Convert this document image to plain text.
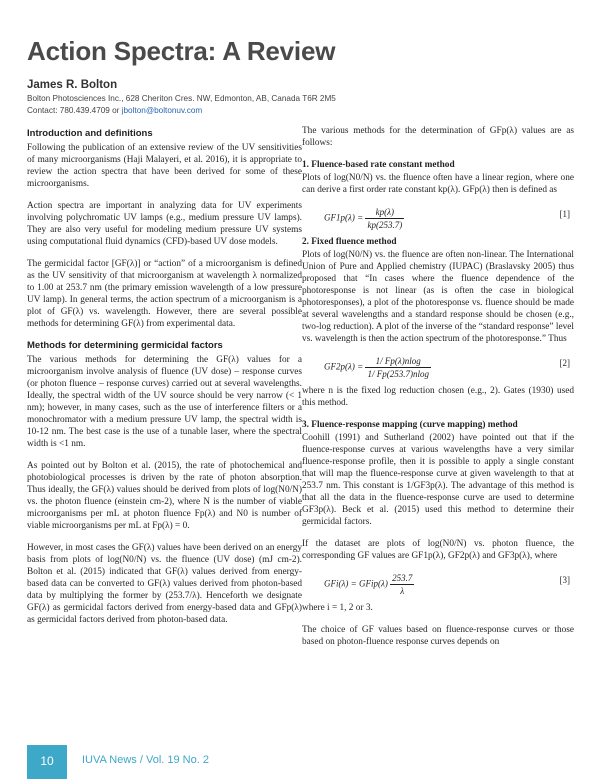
Action Spectra: A Review
James R. Bolton
Bolton Photosciences Inc., 628 Cheriton Cres. NW, Edmonton, AB, Canada T6R 2M5
Contact: 780.439.4709 or jbolton@boltonuv.com
Introduction and definitions

Following the publication of an extensive review of the UV sensitivities of many microorganisms (Haji Malayeri, et al. 2016), it is appropriate to review the action spectra that have been derived for some of these microorganisms.

Action spectra are important in analyzing data for UV experiments involving polychromatic UV lamps (e.g., medium pressure UV lamps). They are also very useful for modeling medium pressure UV systems using computational fluid dynamics (CFD)-based UV dose models.

The germicidal factor [GF(λ)] or “action” of a microorganism is defined as the UV sensitivity of that microorganism at wavelength λ normalized to 1.00 at 253.7 nm (the primary emission wavelength of a low pressure UV lamp). In general terms, the action spectrum of a microorganism is a plot of GF(λ) vs. wavelength. However, there are several possible methods for determining GF(λ) from experimental data.

Methods for determining germicidal factors

The various methods for determining the GF(λ) values for a microorganism involve analysis of fluence (UV dose) – response curves (or photon fluence – response curves) carried out at several wavelengths. Ideally, the spectral width of the UV source should be very narrow (< 1 nm); however, in many cases, such as the use of interference filters or a monochromator with a medium pressure UV lamp, the spectral width is 10-12 nm. The best case is the use of a tunable laser, where the spectral width is <1 nm.

As pointed out by Bolton et al. (2015), the rate of photochemical and photobiological processes is driven by the rate of photon absorption. Thus ideally, the GF(λ) values should be derived from plots of log(N0/N) vs. the photon fluence (einstein cm-2), where N is the number of viable microorganisms per mL at photon fluence Fp(λ) and N0 is number of viable microorganisms per mL at Fp(λ) = 0.

However, in most cases the GF(λ) values have been derived on an energy basis from plots of log(N0/N) vs. the fluence (UV dose) (mJ cm-2). Bolton et al. (2015) indicated that GF(λ) values derived from energy-based data can be converted to GF(λ) values derived from photon-based data by multiplying the former by (253.7/λ). Henceforth we designate GF(λ) as germicidal factors derived from energy-based data and GFp(λ) as germicidal factors derived from photon-based data.

The various methods for the determination of GFp(λ) values are as follows:

1. Fluence-based rate constant method

Plots of log(N0/N) vs. the fluence often have a linear region, where one can derive a first order rate constant kp(λ). GFp(λ) then is defined as

$GF1p(\lambda) = \frac{kp(\lambda)}{kp(253.7)}$	[1]
2. Fixed fluence method

Plots of log(N0/N) vs. the fluence are often non-linear. The International Union of Pure and Applied chemistry (IUPAC) (Braslavsky 2005) thus proposed that “In cases where the fluence dependence of the photoresponse is not linear (as is often the case in biological photoresponses), a plot of the photoresponse vs. fluence should be made at several wavelengths and a standard response should be chosen (e.g., two-log reduction). A plot of the inverse of the “standard response” level vs. wavelength is then the action spectrum of the photoresponse.” Thus

$GF2p(\lambda) = \frac{1/ Fp(\lambda)nlog}{1/ Fp(253.7)nlog}$	[2]

where n is the fixed log reduction chosen (e.g., 2). Gates (1930) used this method.

3. Fluence-response mapping (curve mapping) method

Coohill (1991) and Sutherland (2002) have pointed out that if the fluence-response curves at various wavelengths have a very similar fluence-response profile, then it is possible to apply a single constant that will map the fluence-response curve at given wavelength to that at 253.7 nm. This constant is 1/GF3p(λ). The advantage of this method is that all the data in the fluence-response curve are used to determine GF3p(λ). Beck et al. (2015) used this method to determine their germicidal factors.

If the dataset are plots of log(N0/N) vs. photon fluence, the corresponding GF values are GF1p(λ), GF2p(λ) and GF3p(λ), where

GFi(λ) = GFip(λ) $\frac{253.7}{\lambda}$	[3]

where i = 1, 2 or 3.

The choice of GF values based on fluence-response curves or those based on photon-fluence response curves depends on

10	IUVA News / Vol. 19 No. 2
